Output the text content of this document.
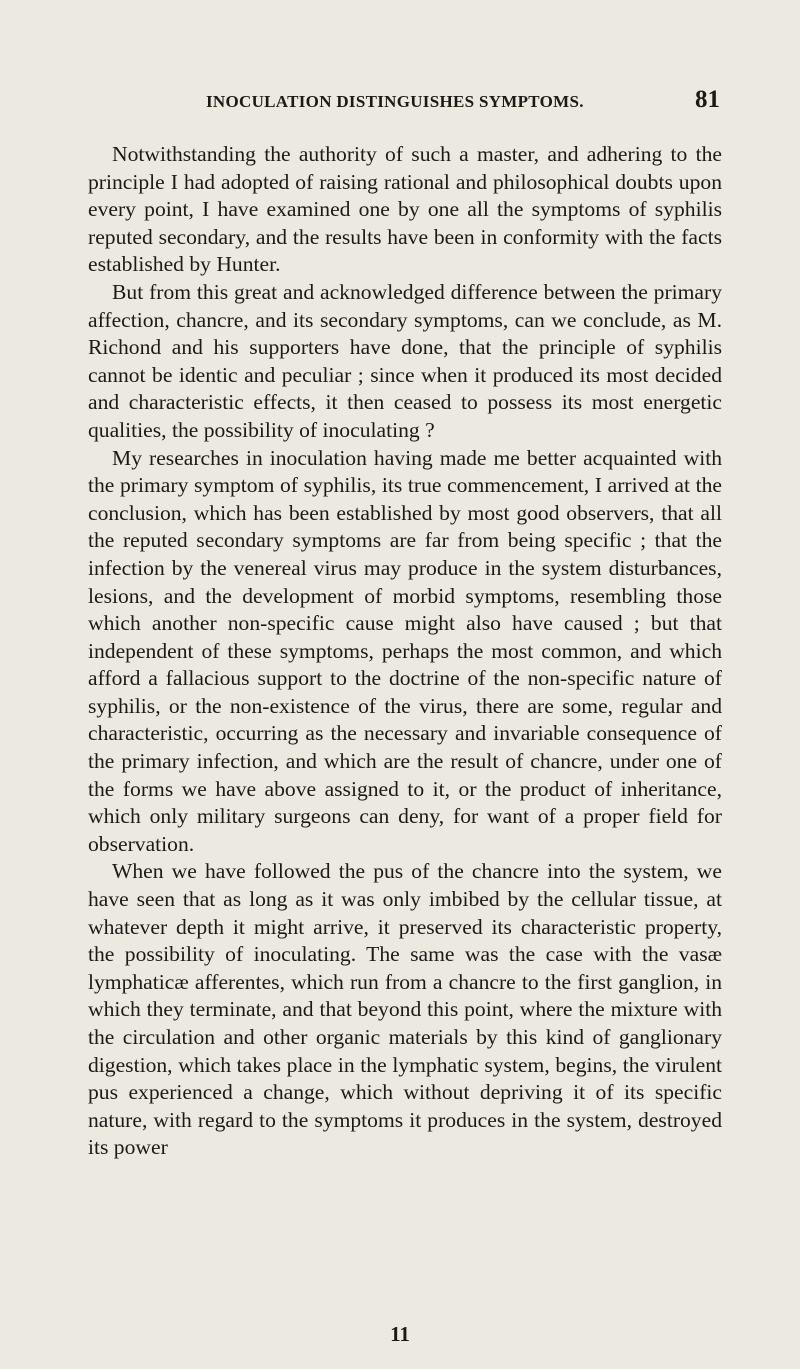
INOCULATION DISTINGUISHES SYMPTOMS.	81

Notwithstanding the authority of such a master, and adhering to the principle I had adopted of raising rational and philosophical doubts upon every point, I have examined one by one all the symptoms of syphilis reputed secondary, and the results have been in conformity with the facts established by Hunter.

But from this great and acknowledged difference between the primary affection, chancre, and its secondary symptoms, can we conclude, as M. Richond and his supporters have done, that the principle of syphilis cannot be identic and peculiar ; since when it produced its most decided and characteristic effects, it then ceased to possess its most energetic qualities, the possibility of inoculating ?

My researches in inoculation having made me better acquainted with the primary symptom of syphilis, its true commencement, I arrived at the conclusion, which has been established by most good observers, that all the reputed secondary symptoms are far from being specific ; that the infection by the venereal virus may produce in the system disturbances, lesions, and the development of morbid symptoms, resembling those which another non-specific cause might also have caused ; but that independent of these symptoms, perhaps the most common, and which afford a fallacious support to the doctrine of the non-specific nature of syphilis, or the non-existence of the virus, there are some, regular and characteristic, occurring as the necessary and invariable consequence of the primary infection, and which are the result of chancre, under one of the forms we have above assigned to it, or the product of inheritance, which only military surgeons can deny, for want of a proper field for observation.

When we have followed the pus of the chancre into the system, we have seen that as long as it was only imbibed by the cellular tissue, at whatever depth it might arrive, it preserved its characteristic property, the possibility of inoculating. The same was the case with the vasæ lymphaticæ afferentes, which run from a chancre to the first ganglion, in which they terminate, and that beyond this point, where the mixture with the circulation and other organic materials by this kind of ganglionary digestion, which takes place in the lymphatic system, begins, the virulent pus experienced a change, which without depriving it of its specific nature, with regard to the symptoms it produces in the system, destroyed its power

11
